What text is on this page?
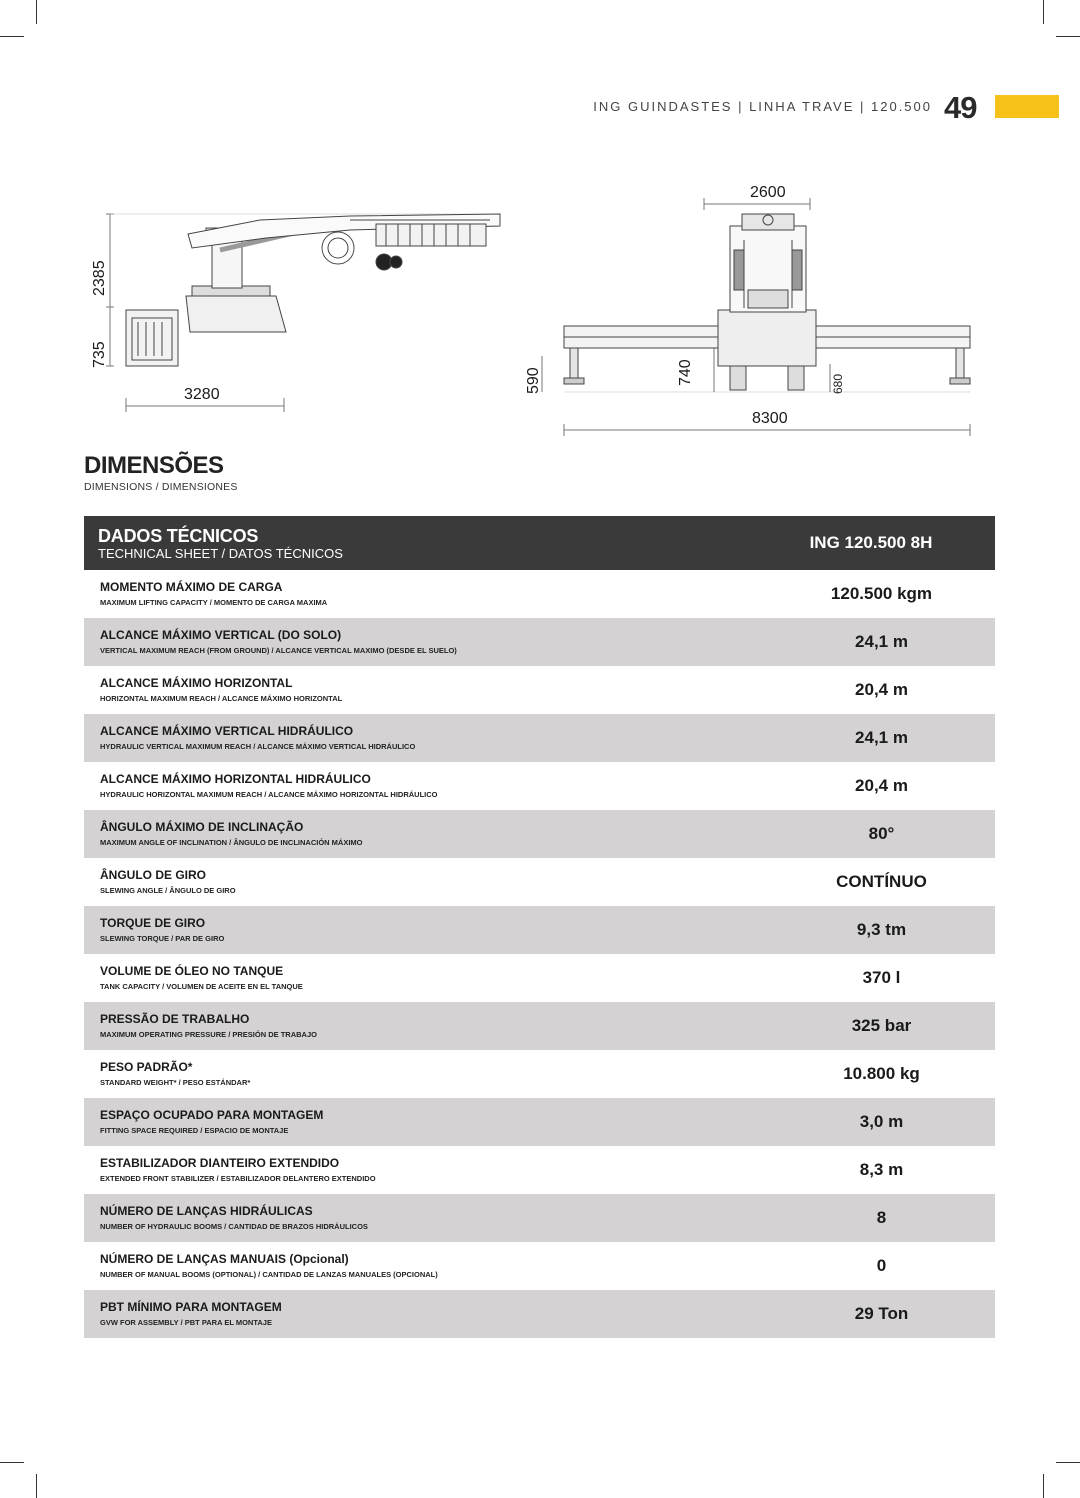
ING GUINDASTES | LINHA TRAVE | 120.500 49
2385
735
3280
2600
590	740	680
8300
DIMENSÕES
DIMENSIONS / DIMENSIONES
DADOS TÉCNICOS
TECHNICAL SHEET / DATOS TÉCNICOS
ING 120.500 8H
MOMENTO MÁXIMO DE CARGA
MAXIMUM LIFTING CAPACITY / MOMENTO DE CARGA MAXIMA	120.500 kgm
ALCANCE MÁXIMO VERTICAL (DO SOLO)
VERTICAL MAXIMUM REACH (FROM GROUND) / ALCANCE VERTICAL MAXIMO (DESDE EL SUELO)	24,1 m
ALCANCE MÁXIMO HORIZONTAL
HORIZONTAL MAXIMUM REACH / ALCANCE MÁXIMO HORIZONTAL	20,4 m
ALCANCE MÁXIMO VERTICAL HIDRÁULICO
HYDRAULIC VERTICAL MAXIMUM REACH / ALCANCE MÁXIMO VERTICAL HIDRÁULICO	24,1 m
ALCANCE MÁXIMO HORIZONTAL HIDRÁULICO
HYDRAULIC HORIZONTAL MAXIMUM REACH / ALCANCE MÁXIMO HORIZONTAL HIDRÁULICO	20,4 m
ÂNGULO MÁXIMO DE INCLINAÇÃO
MAXIMUM ANGLE OF INCLINATION / ÂNGULO DE INCLINACIÓN MÁXIMO	80°
ÂNGULO DE GIRO
SLEWING ANGLE / ÂNGULO DE GIRO	CONTÍNUO
TORQUE DE GIRO
SLEWING TORQUE / PAR DE GIRO	9,3 tm
VOLUME DE ÓLEO NO TANQUE
TANK CAPACITY / VOLUMEN DE ACEITE EN EL TANQUE	370 l
PRESSÃO DE TRABALHO
MAXIMUM OPERATING PRESSURE / PRESIÓN DE TRABAJO	325 bar
PESO PADRÃO*
STANDARD WEIGHT* / PESO ESTÁNDAR*	10.800 kg
ESPAÇO OCUPADO PARA MONTAGEM
FITTING SPACE REQUIRED / ESPACIO DE MONTAJE	3,0 m
ESTABILIZADOR DIANTEIRO EXTENDIDO
EXTENDED FRONT STABILIZER / ESTABILIZADOR DELANTERO EXTENDIDO	8,3 m
NÚMERO DE LANÇAS HIDRÁULICAS
NUMBER OF HYDRAULIC BOOMS / CANTIDAD DE BRAZOS HIDRÁULICOS	8
NÚMERO DE LANÇAS MANUAIS (Opcional)
NUMBER OF MANUAL BOOMS (OPTIONAL) / CANTIDAD DE LANZAS MANUALES (OPCIONAL)	0
PBT MÍNIMO PARA MONTAGEM
GVW FOR ASSEMBLY / PBT PARA EL MONTAJE	29 Ton
